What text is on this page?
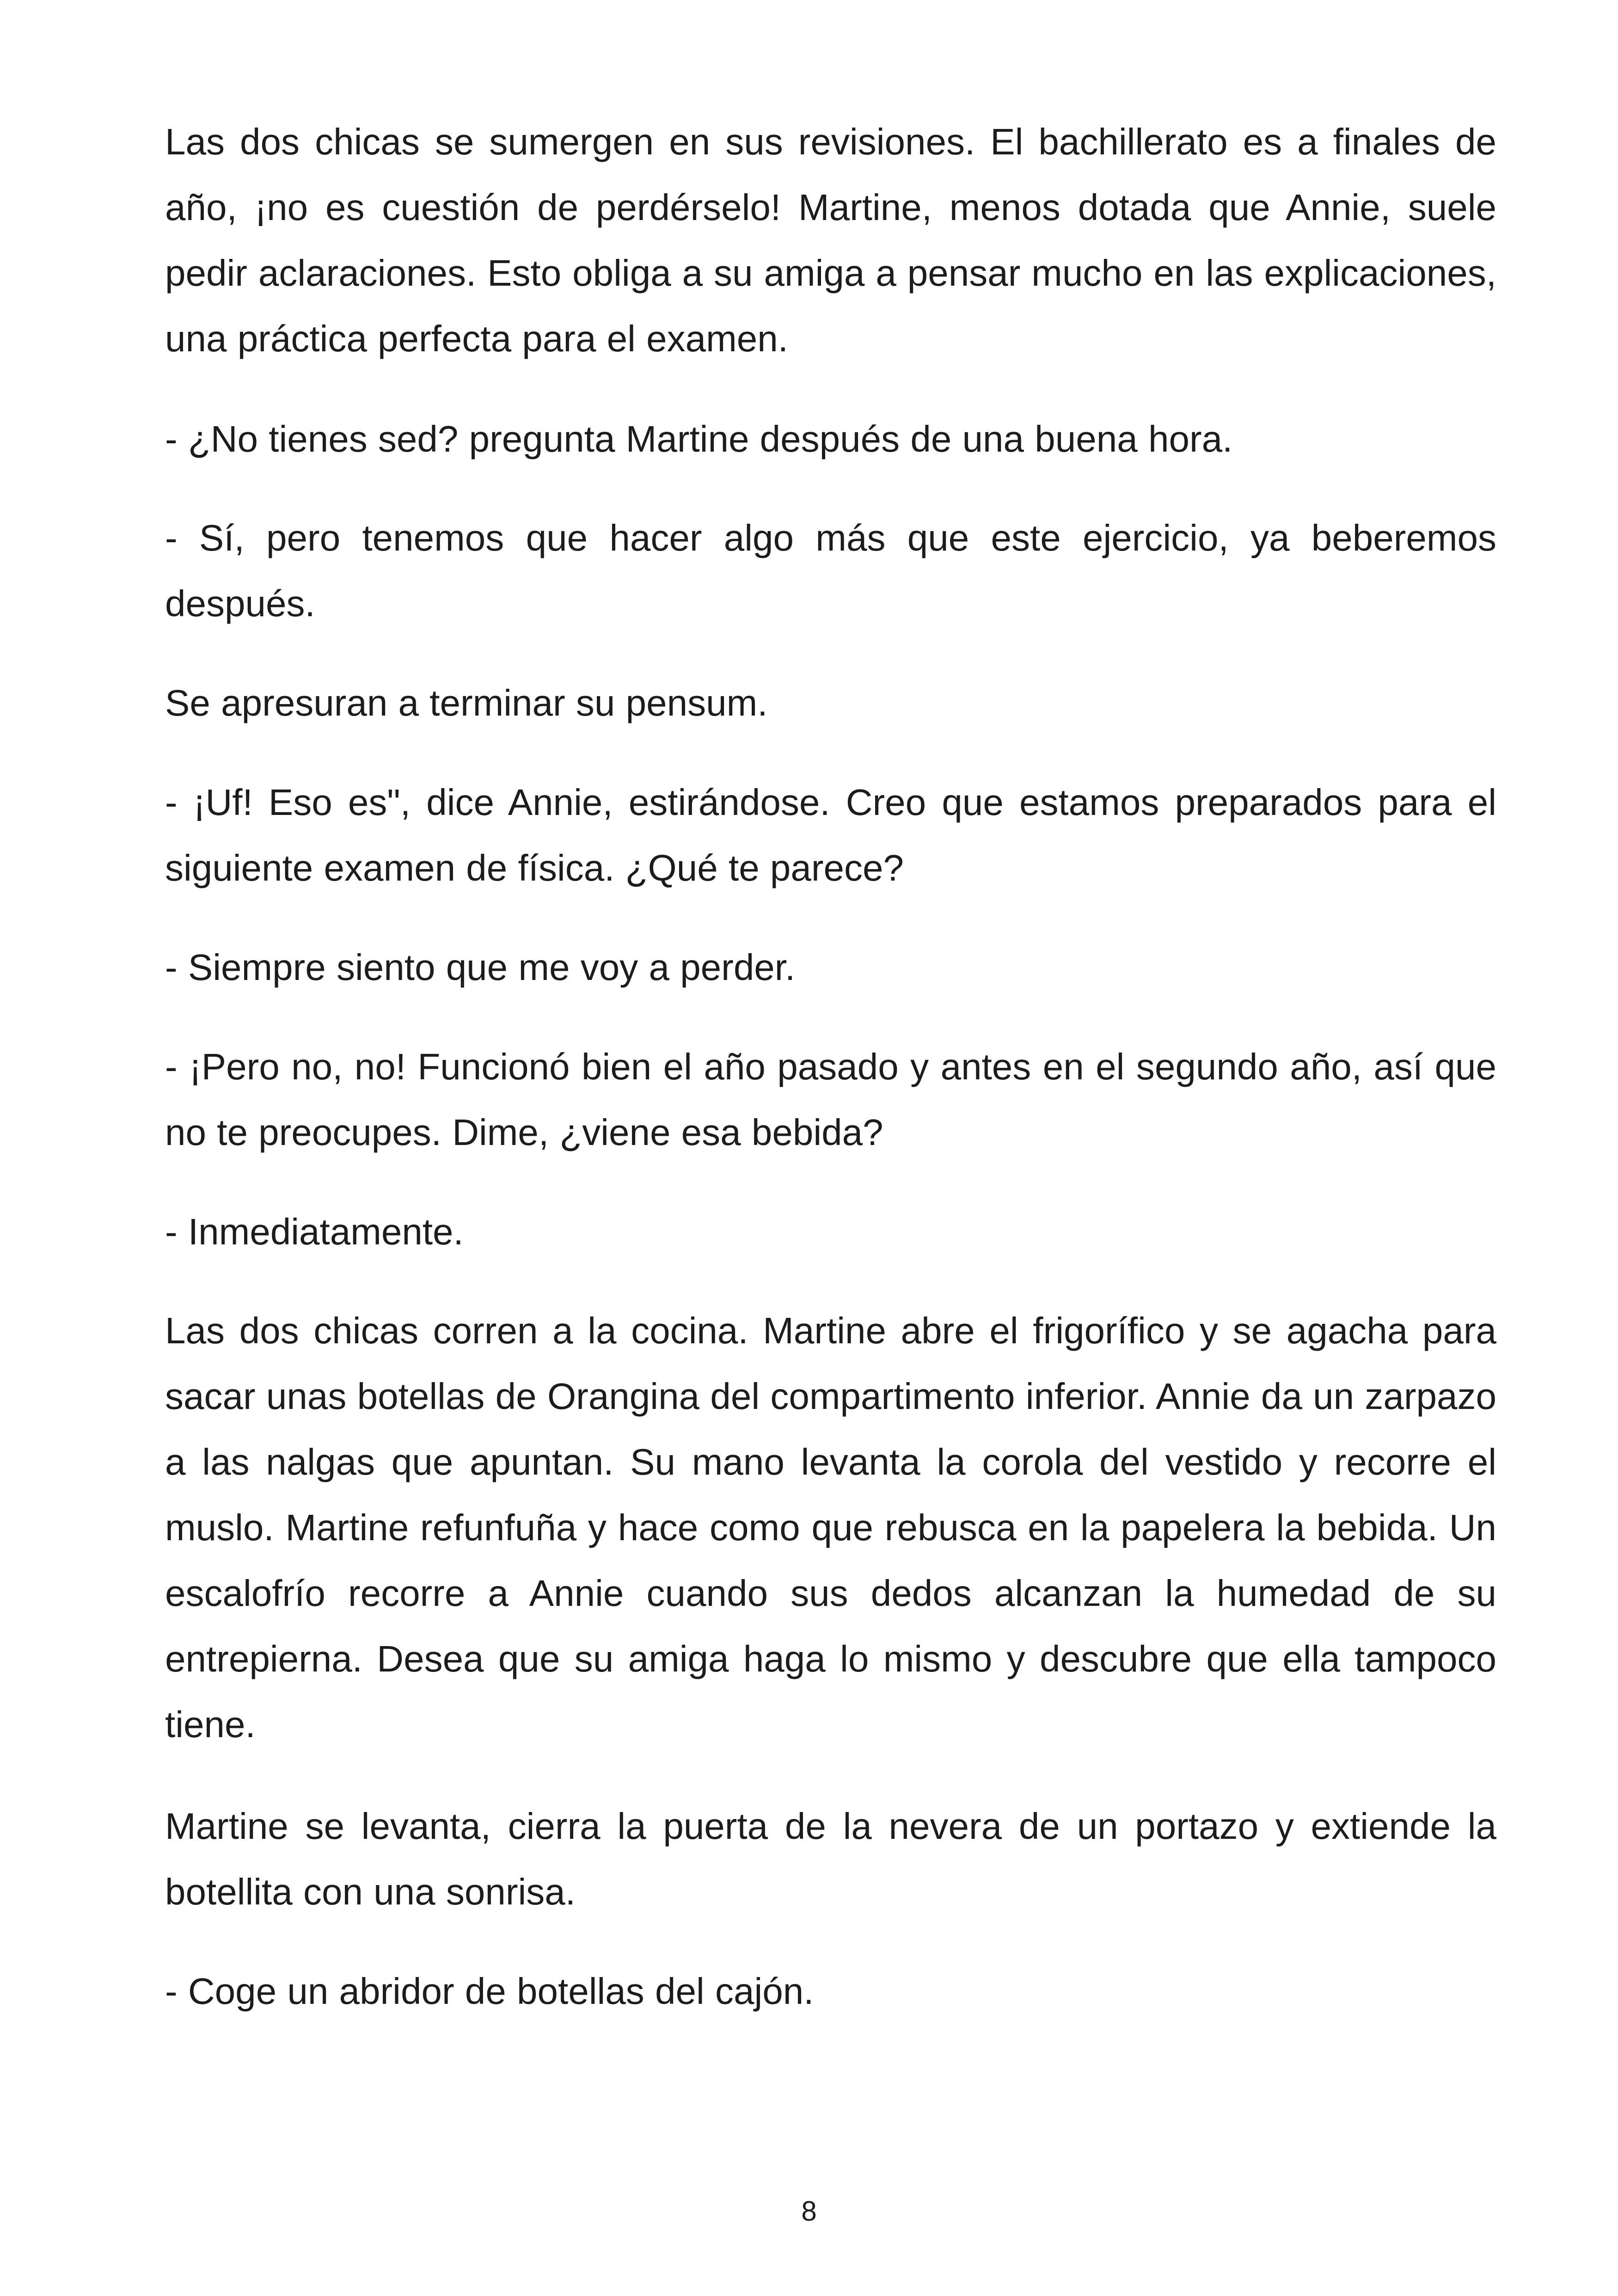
Las dos chicas se sumergen en sus revisiones. El bachillerato es a finales de año, ¡no es cuestión de perdérselo! Martine, menos dotada que Annie, suele pedir aclaraciones. Esto obliga a su amiga a pensar mucho en las explicaciones, una práctica perfecta para el examen.

- ¿No tienes sed? pregunta Martine después de una buena hora.

- Sí, pero tenemos que hacer algo más que este ejercicio, ya beberemos después.

Se apresuran a terminar su pensum.

- ¡Uf! Eso es", dice Annie, estirándose. Creo que estamos preparados para el siguiente examen de física. ¿Qué te parece?

- Siempre siento que me voy a perder.

- ¡Pero no, no! Funcionó bien el año pasado y antes en el segundo año, así que no te preocupes. Dime, ¿viene esa bebida?

- Inmediatamente.

Las dos chicas corren a la cocina. Martine abre el frigorífico y se agacha para sacar unas botellas de Orangina del compartimento inferior. Annie da un zarpazo a las nalgas que apuntan. Su mano levanta la corola del vestido y recorre el muslo. Martine refunfuña y hace como que rebusca en la papelera la bebida. Un escalofrío recorre a Annie cuando sus dedos alcanzan la humedad de su entrepierna. Desea que su amiga haga lo mismo y descubre que ella tampoco tiene.

Martine se levanta, cierra la puerta de la nevera de un portazo y extiende la botellita con una sonrisa.

- Coge un abridor de botellas del cajón.

8
